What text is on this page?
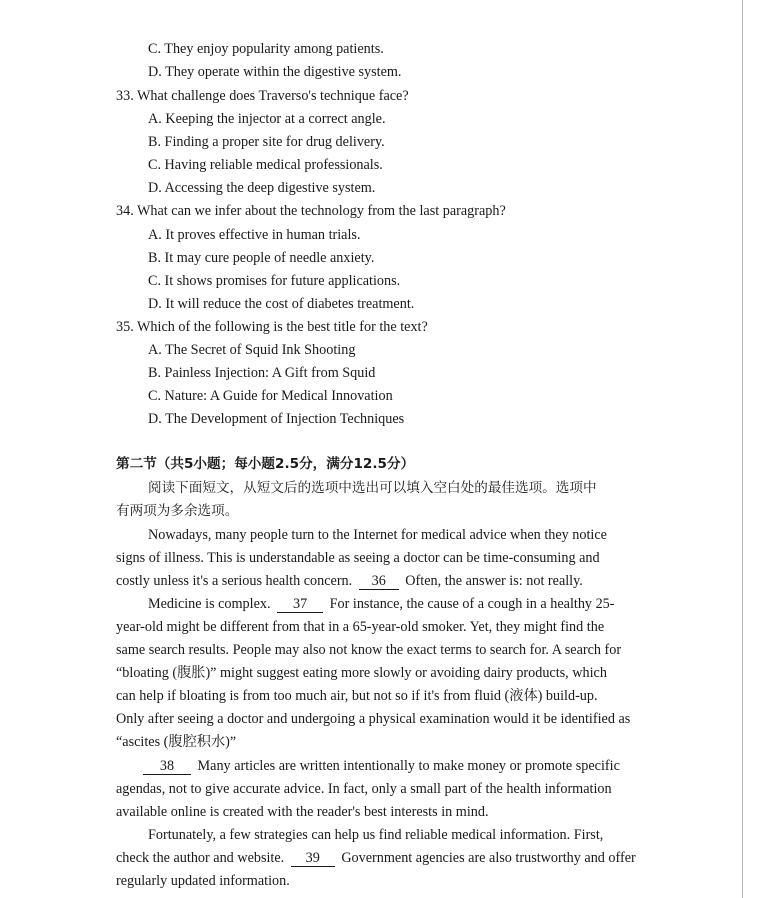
C. They enjoy popularity among patients.
D. They operate within the digestive system.
33. What challenge does Traverso's technique face?
A. Keeping the injector at a correct angle.
B. Finding a proper site for drug delivery.
C. Having reliable medical professionals.
D. Accessing the deep digestive system.
34. What can we infer about the technology from the last paragraph?
A. It proves effective in human trials.
B. It may cure people of needle anxiety.
C. It shows promises for future applications.
D. It will reduce the cost of diabetes treatment.
35. Which of the following is the best title for the text?
A. The Secret of Squid Ink Shooting
B. Painless Injection: A Gift from Squid
C. Nature: A Guide for Medical Innovation
D. The Development of Injection Techniques
第二节（共5小题；每小题2.5分，满分12.5分）
阅读下面短文，从短文后的选项中选出可以填入空白处的最佳选项。选项中
有两项为多余选项。
Nowadays, many people turn to the Internet for medical advice when they notice
signs of illness. This is understandable as seeing a doctor can be time-consuming and
costly unless it's a serious health concern. 36 Often, the answer is: not really.
Medicine is complex. 37 For instance, the cause of a cough in a healthy 25-
year-old might be different from that in a 65-year-old smoker. Yet, they might find the
same search results. People may also not know the exact terms to search for. A search for
“bloating (腹胀)” might suggest eating more slowly or avoiding dairy products, which
can help if bloating is from too much air, but not so if it's from fluid (液体) build-up.
Only after seeing a doctor and undergoing a physical examination would it be identified as
“ascites (腹腔积水)”
38 Many articles are written intentionally to make money or promote specific
agendas, not to give accurate advice. In fact, only a small part of the health information
available online is created with the reader's best interests in mind.
Fortunately, a few strategies can help us find reliable medical information. First,
check the author and website. 39 Government agencies are also trustworthy and offer
regularly updated information.
